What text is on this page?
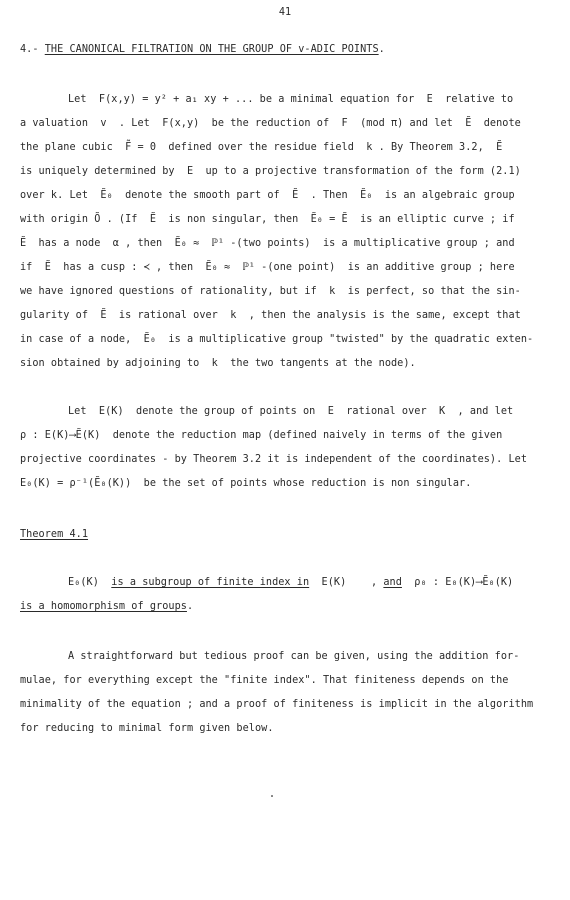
41
4.- THE CANONICAL FILTRATION ON THE GROUP OF v-ADIC POINTS.
Let  F(x,y) = y² + a₁ xy + ... be a minimal equation for  E  relative to
a valuation  v  . Let  F(x,y)  be the reduction of  F  (mod π) and let  Ẽ  denote
the plane cubic  F̃ = 0  defined over the residue field  k . By Theorem 3.2,  Ẽ
is uniquely determined by  E  up to a projective transformation of the form (2.1)
over k. Let  Ẽ₀  denote the smooth part of  Ẽ  . Then  Ẽ₀  is an algebraic group
with origin Õ . (If  Ẽ  is non singular, then  Ẽ₀ = Ẽ  is an elliptic curve ; if
Ẽ  has a node  α , then  Ẽ₀ ≈  ℙ¹ -(two points)  is a multiplicative group ; and
if  Ẽ  has a cusp : ≺ , then  Ẽ₀ ≈  ℙ¹ -(one point)  is an additive group ; here
we have ignored questions of rationality, but if  k  is perfect, so that the sin-
gularity of  Ẽ  is rational over  k  , then the analysis is the same, except that
in case of a node,  Ẽ₀  is a multiplicative group "twisted" by the quadratic exten-
sion obtained by adjoining to  k  the two tangents at the node).
Let  E(K)  denote the group of points on  E  rational over  K  , and let
ρ : E(K)⟶Ẽ(K)  denote the reduction map (defined naively in terms of the given
projective coordinates - by Theorem 3.2 it is independent of the coordinates). Let
E₀(K) = ρ⁻¹(Ẽ₀(K))  be the set of points whose reduction is non singular.
Theorem 4.1
E₀(K)  is a subgroup of finite index in  E(K)    , and  ρ₀ : E₀(K)⟶Ẽ₀(K)
is a homomorphism of groups.
A straightforward but tedious proof can be given, using the addition for-
mulae, for everything except the "finite index". That finiteness depends on the
minimality of the equation ; and a proof of finiteness is implicit in the algorithm
for reducing to minimal form given below.
